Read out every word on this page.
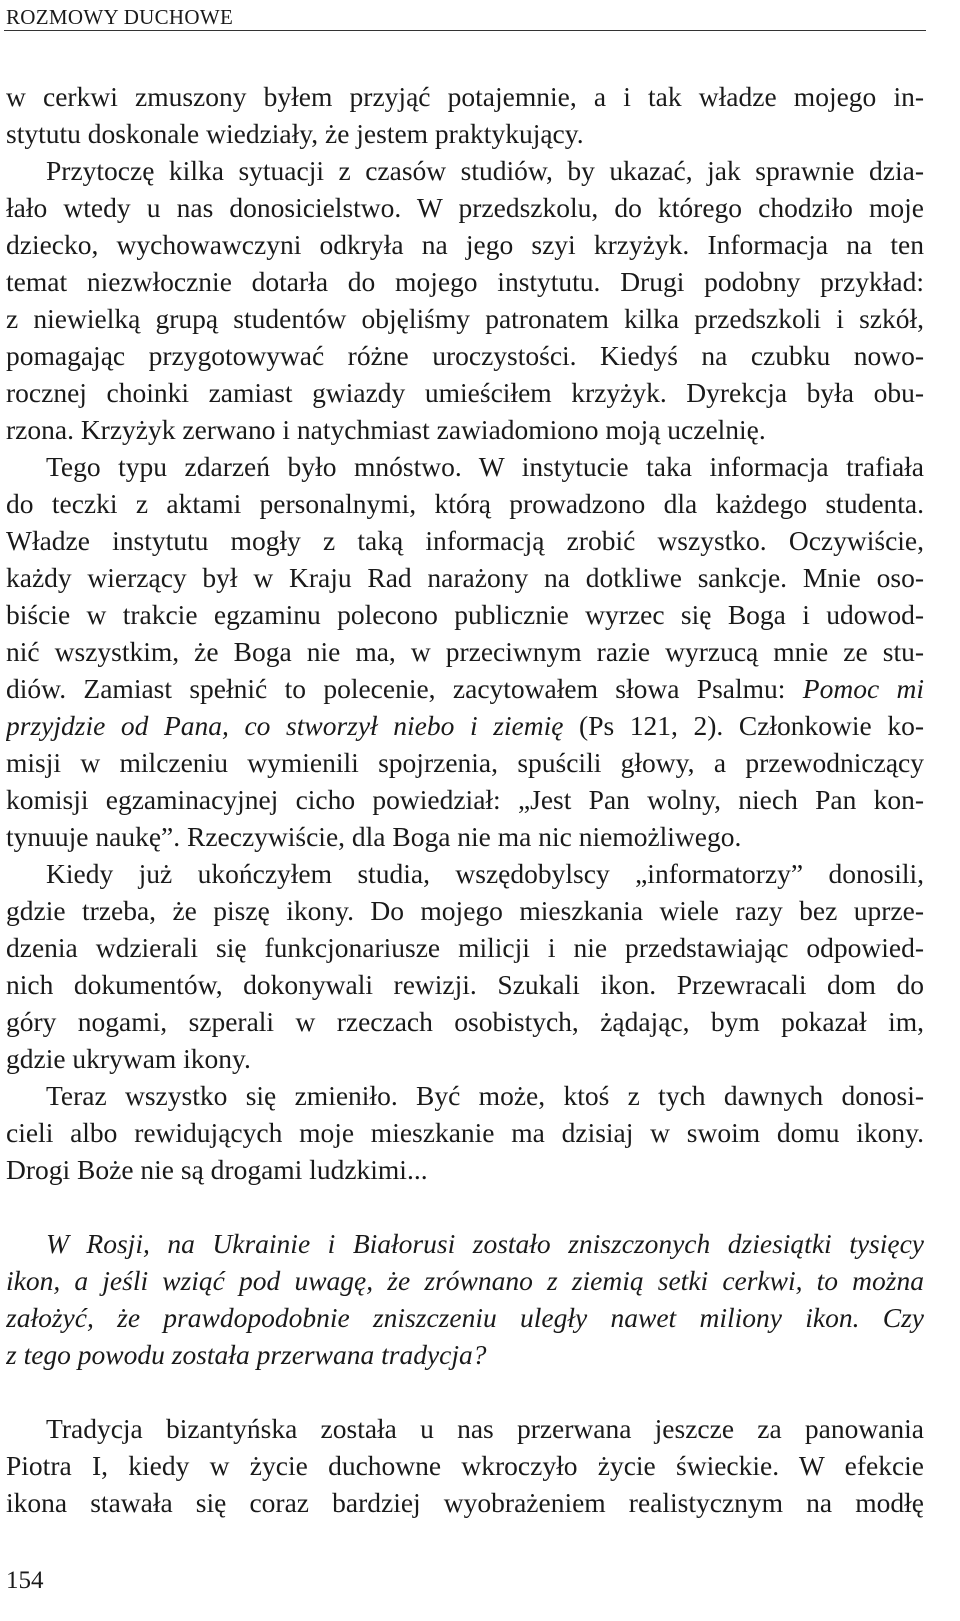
ROZMOWY DUCHOWE
w cerkwi zmuszony byłem przyjąć potajemnie, a i tak władze mojego in-
stytutu doskonale wiedziały, że jestem praktykujący.
Przytoczę kilka sytuacji z czasów studiów, by ukazać, jak sprawnie dzia-
łało wtedy u nas donosicielstwo. W przedszkolu, do którego chodziło moje
dziecko, wychowawczyni odkryła na jego szyi krzyżyk. Informacja na ten
temat niezwłocznie dotarła do mojego instytutu. Drugi podobny przykład:
z niewielką grupą studentów objęliśmy patronatem kilka przedszkoli i szkół,
pomagając przygotowywać różne uroczystości. Kiedyś na czubku nowo-
rocznej choinki zamiast gwiazdy umieściłem krzyżyk. Dyrekcja była obu-
rzona. Krzyżyk zerwano i natychmiast zawiadomiono moją uczelnię.
Tego typu zdarzeń było mnóstwo. W instytucie taka informacja trafiała
do teczki z aktami personalnymi, którą prowadzono dla każdego studenta.
Władze instytutu mogły z taką informacją zrobić wszystko. Oczywiście,
każdy wierzący był w Kraju Rad narażony na dotkliwe sankcje. Mnie oso-
biście w trakcie egzaminu polecono publicznie wyrzec się Boga i udowod-
nić wszystkim, że Boga nie ma, w przeciwnym razie wyrzucą mnie ze stu-
diów. Zamiast spełnić to polecenie, zacytowałem słowa Psalmu: Pomoc mi
przyjdzie od Pana, co stworzył niebo i ziemię (Ps 121, 2). Członkowie ko-
misji w milczeniu wymienili spojrzenia, spuścili głowy, a przewodniczący
komisji egzaminacyjnej cicho powiedział: „Jest Pan wolny, niech Pan kon-
tynuuje naukę”. Rzeczywiście, dla Boga nie ma nic niemożliwego.
Kiedy już ukończyłem studia, wszędobylscy „informatorzy” donosili,
gdzie trzeba, że piszę ikony. Do mojego mieszkania wiele razy bez uprze-
dzenia wdzierali się funkcjonariusze milicji i nie przedstawiając odpowied-
nich dokumentów, dokonywali rewizji. Szukali ikon. Przewracali dom do
góry nogami, szperali w rzeczach osobistych, żądając, bym pokazał im,
gdzie ukrywam ikony.
Teraz wszystko się zmieniło. Być może, ktoś z tych dawnych donosi-
cieli albo rewidujących moje mieszkanie ma dzisiaj w swoim domu ikony.
Drogi Boże nie są drogami ludzkimi...
W Rosji, na Ukrainie i Białorusi zostało zniszczonych dziesiątki tysięcy
ikon, a jeśli wziąć pod uwagę, że zrównano z ziemią setki cerkwi, to można
założyć, że prawdopodobnie zniszczeniu uległy nawet miliony ikon. Czy
z tego powodu została przerwana tradycja?
Tradycja bizantyńska została u nas przerwana jeszcze za panowania
Piotra I, kiedy w życie duchowne wkroczyło życie świeckie. W efekcie
ikona stawała się coraz bardziej wyobrażeniem realistycznym na modłę
154
